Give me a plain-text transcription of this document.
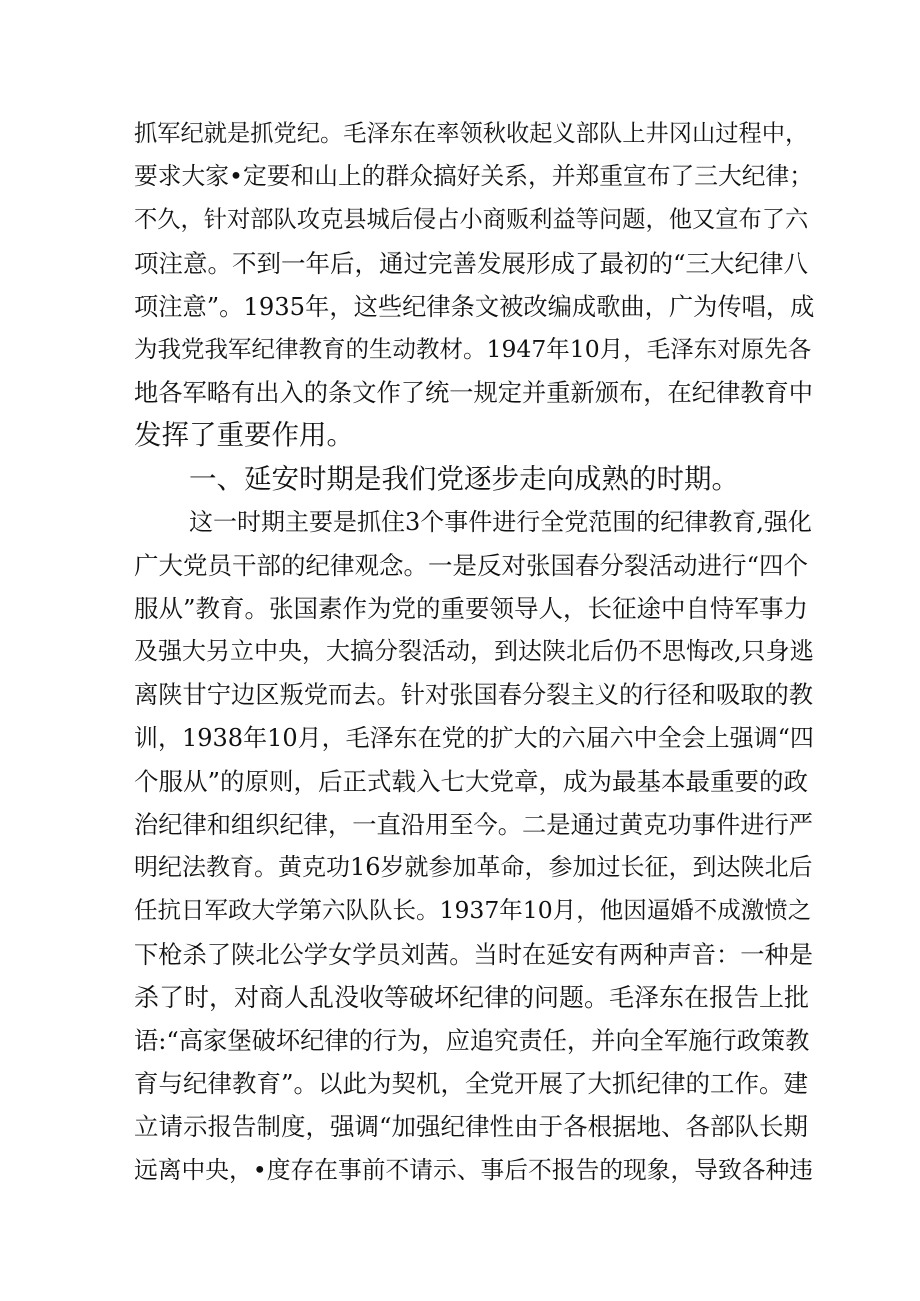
抓军纪就是抓党纪。毛泽东在率领秋收起义部队上井冈山过程中，
要求大家•定要和山上的群众搞好关系，并郑重宣布了三大纪律；
不久，针对部队攻克县城后侵占小商贩利益等问题，他又宣布了六
项注意。不到一年后，通过完善发展形成了最初的“三大纪律八
项注意”。1935年，这些纪律条文被改编成歌曲，广为传唱，成
为我党我军纪律教育的生动教材。1947年10月，毛泽东对原先各
地各军略有出入的条文作了统一规定并重新颁布，在纪律教育中
发挥了重要作用。
一、延安时期是我们党逐步走向成熟的时期。
这一时期主要是抓住3个事件进行全党范围的纪律教育,强化
广大党员干部的纪律观念。一是反对张国春分裂活动进行“四个
服从”教育。张国素作为党的重要领导人，长征途中自恃军事力
及强大另立中央，大搞分裂活动，到达陕北后仍不思悔改,只身逃
离陕甘宁边区叛党而去。针对张国春分裂主义的行径和吸取的教
训，1938年10月，毛泽东在党的扩大的六届六中全会上强调“四
个服从”的原则，后正式载入七大党章，成为最基本最重要的政
治纪律和组织纪律，一直沿用至今。二是通过黄克功事件进行严
明纪法教育。黄克功16岁就参加革命，参加过长征，到达陕北后
任抗日军政大学第六队队长。1937年10月，他因逼婚不成激愤之
下枪杀了陕北公学女学员刘茜。当时在延安有两种声音：一种是
杀了时，对商人乱没收等破坏纪律的问题。毛泽东在报告上批
语:“高家堡破坏纪律的行为，应追究责任，并向全军施行政策教
育与纪律教育”。以此为契机，全党开展了大抓纪律的工作。建
立请示报告制度，强调“加强纪律性由于各根据地、各部队长期
远离中央，•度存在事前不请示、事后不报告的现象，导致各种违
